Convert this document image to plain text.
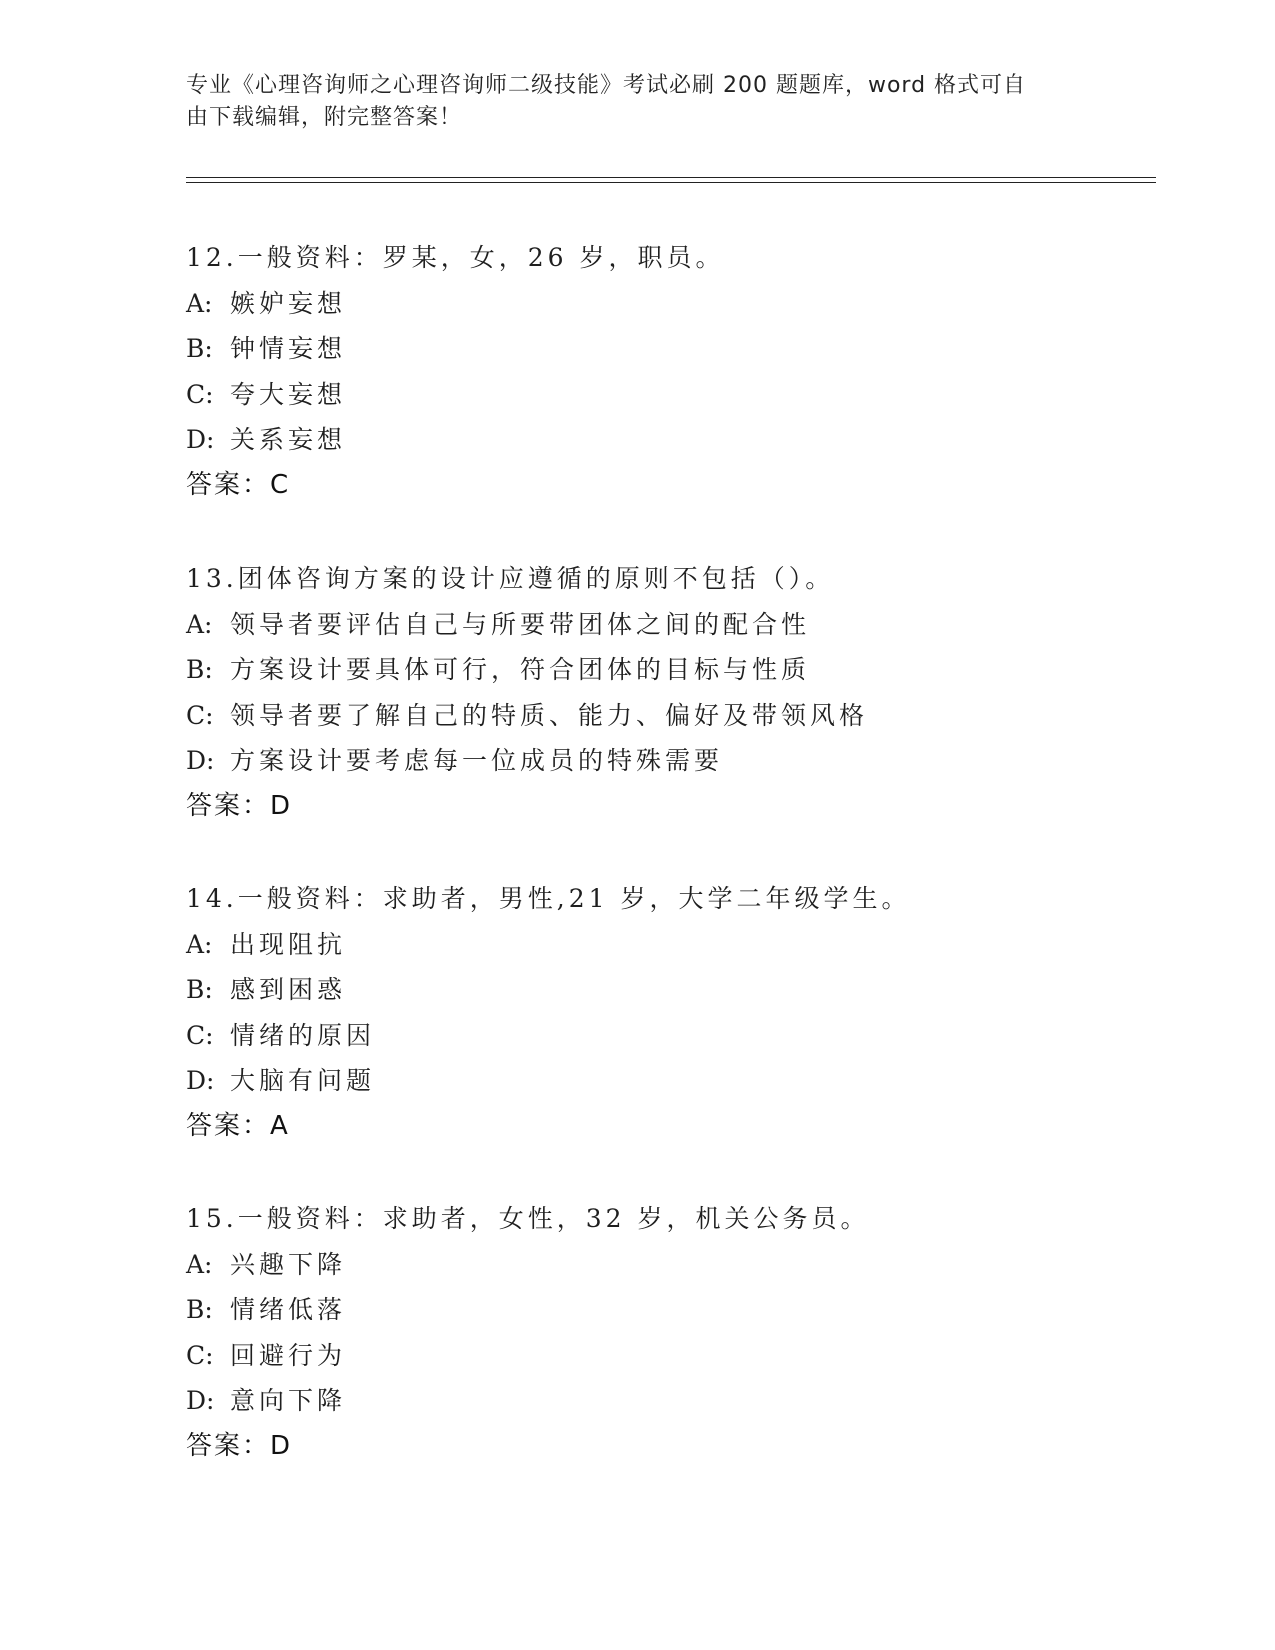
专业《心理咨询师之心理咨询师二级技能》考试必刷 200 题题库，word 格式可自
由下载编辑，附完整答案！
12.一般资料：罗某，女，26 岁，职员。
A: 嫉妒妄想
B: 钟情妄想
C: 夸大妄想
D: 关系妄想
答案：C
13.团体咨询方案的设计应遵循的原则不包括（）。
A: 领导者要评估自己与所要带团体之间的配合性
B: 方案设计要具体可行，符合团体的目标与性质
C: 领导者要了解自己的特质、能力、偏好及带领风格
D: 方案设计要考虑每一位成员的特殊需要
答案：D
14.一般资料：求助者，男性,21 岁，大学二年级学生。
A: 出现阻抗
B: 感到困惑
C: 情绪的原因
D: 大脑有问题
答案：A
15.一般资料：求助者，女性，32 岁，机关公务员。
A: 兴趣下降
B: 情绪低落
C: 回避行为
D: 意向下降
答案：D
